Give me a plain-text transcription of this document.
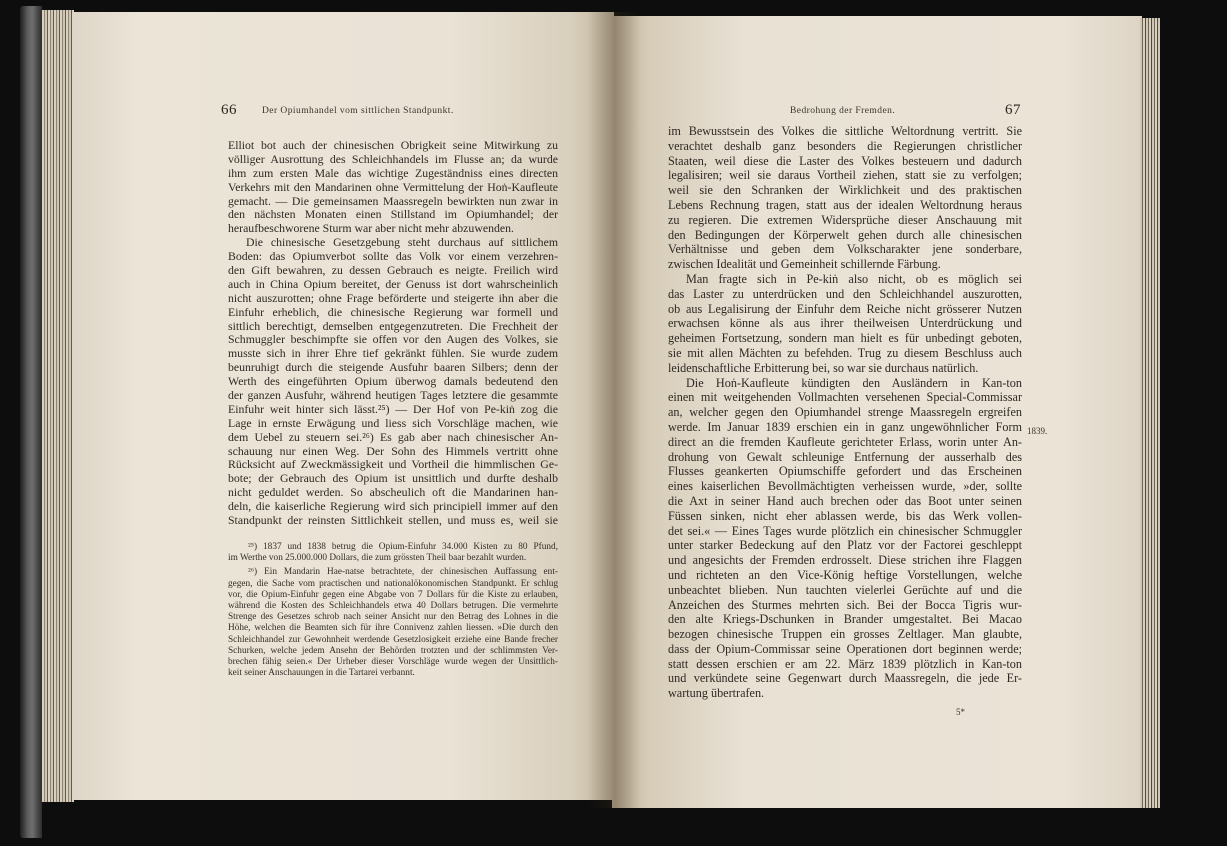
66	Der Opiumhandel vom sittlichen Standpunkt.
Elliot bot auch der chinesischen Obrigkeit seine Mitwirkung zu
völliger Ausrottung des Schleichhandels im Flusse an; da wurde
ihm zum ersten Male das wichtige Zugeständniss eines directen
Verkehrs mit den Mandarinen ohne Vermittelung der Hoṅ-Kaufleute
gemacht. — Die gemeinsamen Maassregeln bewirkten nun zwar in
den nächsten Monaten einen Stillstand im Opiumhandel; der
heraufbeschworene Sturm war aber nicht mehr abzuwenden.
Die chinesische Gesetzgebung steht durchaus auf sittlichem
Boden: das Opiumverbot sollte das Volk vor einem verzehren-
den Gift bewahren, zu dessen Gebrauch es neigte. Freilich wird
auch in China Opium bereitet, der Genuss ist dort wahrscheinlich
nicht auszurotten; ohne Frage beförderte und steigerte ihn aber die
Einfuhr erheblich, die chinesische Regierung war formell und
sittlich berechtigt, demselben entgegenzutreten. Die Frechheit der
Schmuggler beschimpfte sie offen vor den Augen des Volkes, sie
musste sich in ihrer Ehre tief gekränkt fühlen. Sie wurde zudem
beunruhigt durch die steigende Ausfuhr baaren Silbers; denn der
Werth des eingeführten Opium überwog damals bedeutend den
der ganzen Ausfuhr, während heutigen Tages letztere die gesammte
Einfuhr weit hinter sich lässt.²⁵) — Der Hof von Pe-kiṅ zog die
Lage in ernste Erwägung und liess sich Vorschläge machen, wie
dem Uebel zu steuern sei.²⁶) Es gab aber nach chinesischer An-
schauung nur einen Weg. Der Sohn des Himmels vertritt ohne
Rücksicht auf Zweckmässigkeit und Vortheil die himmlischen Ge-
bote; der Gebrauch des Opium ist unsittlich und durfte deshalb
nicht geduldet werden. So abscheulich oft die Mandarinen han-
deln, die kaiserliche Regierung wird sich principiell immer auf den
Standpunkt der reinsten Sittlichkeit stellen, und muss es, weil sie
²⁵) 1837 und 1838 betrug die Opium-Einfuhr 34.000 Kisten zu 80 Pfund,
im Werthe von 25.000.000 Dollars, die zum grössten Theil baar bezahlt wurden.
²⁶) Ein Mandarin Hae-natse betrachtete, der chinesischen Auffassung ent-
gegen, die Sache vom practischen und nationalökonomischen Standpunkt. Er schlug
vor, die Opium-Einfuhr gegen eine Abgabe von 7 Dollars für die Kiste zu erlauben,
während die Kosten des Schleichhandels etwa 40 Dollars betrugen. Die vermehrte
Strenge des Gesetzes schrob nach seiner Ansicht nur den Betrag des Lohnes in die
Höhe, welchen die Beamten sich für ihre Connivenz zahlen liessen. »Die durch den
Schleichhandel zur Gewohnheit werdende Gesetzlosigkeit erziehe eine Bande frecher
Schurken, welche jedem Ansehn der Behörden trotzten und der schlimmsten Ver-
brechen fähig seien.« Der Urheber dieser Vorschläge wurde wegen der Unsittlich-
keit seiner Anschauungen in die Tartarei verbannt.
Bedrohung der Fremden.	67
im Bewusstsein des Volkes die sittliche Weltordnung vertritt. Sie
verachtet deshalb ganz besonders die Regierungen christlicher
Staaten, weil diese die Laster des Volkes besteuern und dadurch
legalisiren; weil sie daraus Vortheil ziehen, statt sie zu verfolgen;
weil sie den Schranken der Wirklichkeit und des praktischen
Lebens Rechnung tragen, statt aus der idealen Weltordnung heraus
zu regieren. Die extremen Widersprüche dieser Anschauung mit
den Bedingungen der Körperwelt gehen durch alle chinesischen
Verhältnisse und geben dem Volkscharakter jene sonderbare,
zwischen Idealität und Gemeinheit schillernde Färbung.
Man fragte sich in Pe-kiṅ also nicht, ob es möglich sei
das Laster zu unterdrücken und den Schleichhandel auszurotten,
ob aus Legalisirung der Einfuhr dem Reiche nicht grösserer Nutzen
erwachsen könne als aus ihrer theilweisen Unterdrückung und
geheimen Fortsetzung, sondern man hielt es für unbedingt geboten,
sie mit allen Mächten zu befehden. Trug zu diesem Beschluss auch
leidenschaftliche Erbitterung bei, so war sie durchaus natürlich.
Die Hoṅ-Kaufleute kündigten den Ausländern in Kan-ton
einen mit weitgehenden Vollmachten versehenen Special-Commissar
an, welcher gegen den Opiumhandel strenge Maassregeln ergreifen
werde. Im Januar 1839 erschien ein in ganz ungewöhnlicher Form
direct an die fremden Kaufleute gerichteter Erlass, worin unter An-
drohung von Gewalt schleunige Entfernung der ausserhalb des
Flusses geankerten Opiumschiffe gefordert und das Erscheinen
eines kaiserlichen Bevollmächtigten verheissen wurde, »der, sollte
die Axt in seiner Hand auch brechen oder das Boot unter seinen
Füssen sinken, nicht eher ablassen werde, bis das Werk vollen-
det sei.« — Eines Tages wurde plötzlich ein chinesischer Schmuggler
unter starker Bedeckung auf den Platz vor der Factorei geschleppt
und angesichts der Fremden erdrosselt. Diese strichen ihre Flaggen
und richteten an den Vice-König heftige Vorstellungen, welche
unbeachtet blieben. Nun tauchten vielerlei Gerüchte auf und die
Anzeichen des Sturmes mehrten sich. Bei der Bocca Tigris wur-
den alte Kriegs-Dschunken in Brander umgestaltet. Bei Macao
bezogen chinesische Truppen ein grosses Zeltlager. Man glaubte,
dass der Opium-Commissar seine Operationen dort beginnen werde;
statt dessen erschien er am 22. März 1839 plötzlich in Kan-ton
und verkündete seine Gegenwart durch Maassregeln, die jede Er-
wartung übertrafen.
1839.
5*
